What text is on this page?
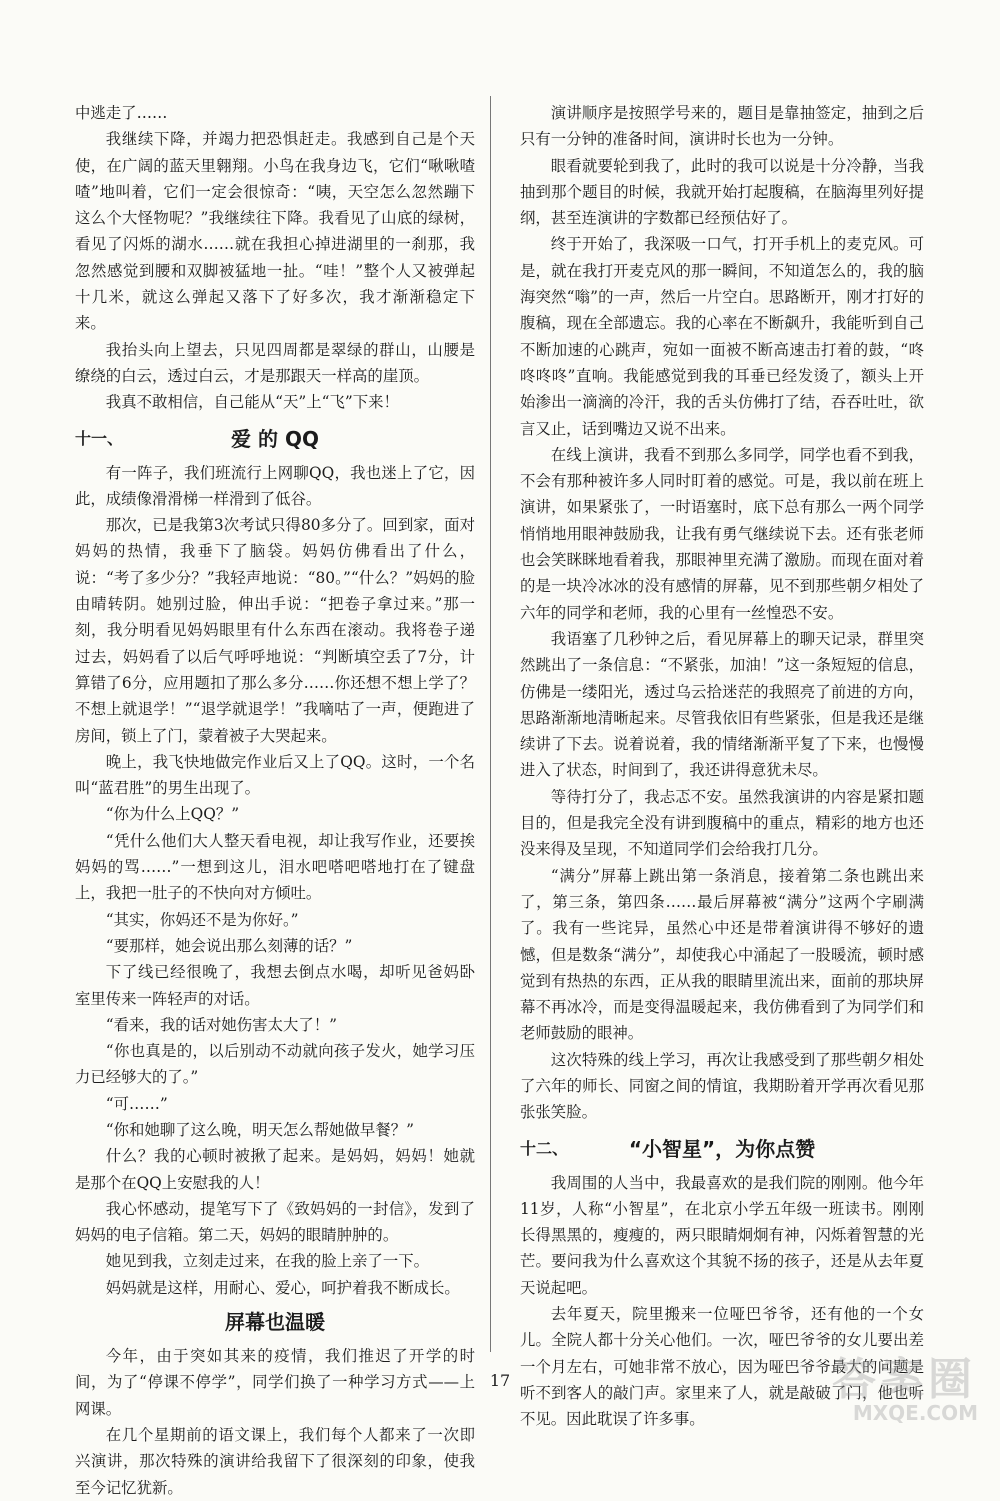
中逃走了……

我继续下降，并竭力把恐惧赶走。我感到自己是个天使，在广阔的蓝天里翱翔。小鸟在我身边飞，它们“啾啾喳喳”地叫着，它们一定会很惊奇：“咦，天空怎么忽然蹦下这么个大怪物呢？”我继续往下降。我看见了山底的绿树，看见了闪烁的湖水……就在我担心掉进湖里的一刹那，我忽然感觉到腰和双脚被猛地一扯。“哇！”整个人又被弹起十几米，就这么弹起又落下了好多次，我才渐渐稳定下来。

我抬头向上望去，只见四周都是翠绿的群山，山腰是缭绕的白云，透过白云，才是那跟天一样高的崖顶。

我真不敢相信，自己能从“天”上“飞”下来！

十一、	爱 的 QQ

有一阵子，我们班流行上网聊QQ，我也迷上了它，因此，成绩像滑滑梯一样滑到了低谷。

那次，已是我第3次考试只得80多分了。回到家，面对妈妈的热情，我垂下了脑袋。妈妈仿佛看出了什么，说：“考了多少分？”我轻声地说：“80。”“什么？”妈妈的脸由晴转阴。她别过脸，伸出手说：“把卷子拿过来。”那一刻，我分明看见妈妈眼里有什么东西在滚动。我将卷子递过去，妈妈看了以后气呼呼地说：“判断填空丢了7分，计算错了6分，应用题扣了那么多分……你还想不想上学了？不想上就退学！”“退学就退学！”我嘀咕了一声，便跑进了房间，锁上了门，蒙着被子大哭起来。

晚上，我飞快地做完作业后又上了QQ。这时，一个名叫“蓝君胜”的男生出现了。

“你为什么上QQ？”

“凭什么他们大人整天看电视，却让我写作业，还要挨妈妈的骂……”一想到这儿，泪水吧嗒吧嗒地打在了键盘上，我把一肚子的不快向对方倾吐。

“其实，你妈还不是为你好。”

“要那样，她会说出那么刻薄的话？”

下了线已经很晚了，我想去倒点水喝，却听见爸妈卧室里传来一阵轻声的对话。

“看来，我的话对她伤害太大了！”

“你也真是的，以后别动不动就向孩子发火，她学习压力已经够大的了。”

“可……”

“你和她聊了这么晚，明天怎么帮她做早餐？”

什么？我的心顿时被揪了起来。是妈妈，妈妈！她就是那个在QQ上安慰我的人！

我心怀感动，提笔写下了《致妈妈的一封信》，发到了妈妈的电子信箱。第二天，妈妈的眼睛肿肿的。

她见到我，立刻走过来，在我的脸上亲了一下。

妈妈就是这样，用耐心、爱心，呵护着我不断成长。

屏幕也温暖

今年，由于突如其来的疫情，我们推迟了开学的时间，为了“停课不停学”，同学们换了一种学习方式——上网课。

在几个星期前的语文课上，我们每个人都来了一次即兴演讲，那次特殊的演讲给我留下了很深刻的印象，使我至今记忆犹新。

演讲顺序是按照学号来的，题目是靠抽签定，抽到之后只有一分钟的准备时间，演讲时长也为一分钟。

眼看就要轮到我了，此时的我可以说是十分冷静，当我抽到那个题目的时候，我就开始打起腹稿，在脑海里列好提纲，甚至连演讲的字数都已经预估好了。

终于开始了，我深吸一口气，打开手机上的麦克风。可是，就在我打开麦克风的那一瞬间，不知道怎么的，我的脑海突然“嗡”的一声，然后一片空白。思路断开，刚才打好的腹稿，现在全部遗忘。我的心率在不断飙升，我能听到自己不断加速的心跳声，宛如一面被不断高速击打着的鼓，“咚咚咚咚”直响。我能感觉到我的耳垂已经发烫了，额头上开始渗出一滴滴的冷汗，我的舌头仿佛打了结，吞吞吐吐，欲言又止，话到嘴边又说不出来。

在线上演讲，我看不到那么多同学，同学也看不到我，不会有那种被许多人同时盯着的感觉。可是，我以前在班上演讲，如果紧张了，一时语塞时，底下总有那么一两个同学悄悄地用眼神鼓励我，让我有勇气继续说下去。还有张老师也会笑眯眯地看着我，那眼神里充满了激励。而现在面对着的是一块冷冰冰的没有感情的屏幕，见不到那些朝夕相处了六年的同学和老师，我的心里有一丝惶恐不安。

我语塞了几秒钟之后，看见屏幕上的聊天记录，群里突然跳出了一条信息：“不紧张，加油！”这一条短短的信息，仿佛是一缕阳光，透过乌云拾迷茫的我照亮了前进的方向，思路渐渐地清晰起来。尽管我依旧有些紧张，但是我还是继续讲了下去。说着说着，我的情绪渐渐平复了下来，也慢慢进入了状态，时间到了，我还讲得意犹未尽。

等待打分了，我忐忑不安。虽然我演讲的内容是紧扣题目的，但是我完全没有讲到腹稿中的重点，精彩的地方也还没来得及呈现，不知道同学们会给我打几分。

“满分”屏幕上跳出第一条消息，接着第二条也跳出来了，第三条，第四条……最后屏幕被“满分”这两个字刷满了。我有一些诧异，虽然心中还是带着演讲得不够好的遗憾，但是数条“满分”，却使我心中涌起了一股暖流，顿时感觉到有热热的东西，正从我的眼睛里流出来，面前的那块屏幕不再冰冷，而是变得温暖起来，我仿佛看到了为同学们和老师鼓励的眼神。

这次特殊的线上学习，再次让我感受到了那些朝夕相处了六年的师长、同窗之间的情谊，我期盼着开学再次看见那张张笑脸。

十二、	“小智星”，为你点赞

我周围的人当中，我最喜欢的是我们院的刚刚。他今年11岁，人称“小智星”，在北京小学五年级一班读书。刚刚长得黑黑的，瘦瘦的，两只眼睛炯炯有神，闪烁着智慧的光芒。要问我为什么喜欢这个其貌不扬的孩子，还是从去年夏天说起吧。

去年夏天，院里搬来一位哑巴爷爷，还有他的一个女儿。全院人都十分关心他们。一次，哑巴爷爷的女儿要出差一个月左右，可她非常不放心，因为哑巴爷爷最大的问题是听不到客人的敲门声。家里来了人，就是敲破了门，他也听不见。因此耽误了许多事。

17	答案圈
MXQE.COM
